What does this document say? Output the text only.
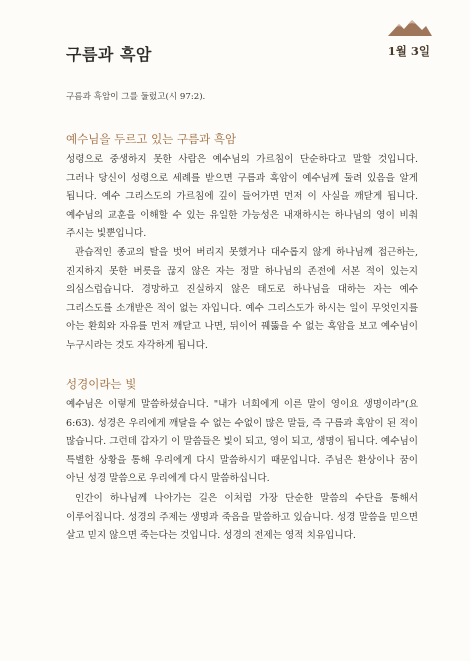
구름과 흑암	1월 3일
구름과 흑암이 그를 둘렀고(시 97:2).
예수님을 두르고 있는 구름과 흑암

성령으로 중생하지 못한 사람은 예수님의 가르침이 단순하다고 말할 것입니다. 그러나 당신이 성령으로 세례를 받으면 구름과 흑암이 예수님께 둘려 있음을 알게 됩니다. 예수 그리스도의 가르침에 깊이 들어가면 먼저 이 사실을 깨닫게 됩니다. 예수님의 교훈을 이해할 수 있는 유일한 가능성은 내재하시는 하나님의 영이 비춰 주시는 빛뿐입니다.

관습적인 종교의 탈을 벗어 버리지 못했거나 대수롭지 않게 하나님께 접근하는, 진지하지 못한 버릇을 끊지 않은 자는 정말 하나님의 존전에 서본 적이 있는지 의심스럽습니다. 경망하고 진실하지 않은 태도로 하나님을 대하는 자는 예수 그리스도를 소개받은 적이 없는 자입니다. 예수 그리스도가 하시는 일이 무엇인지를 아는 환희와 자유를 먼저 깨닫고 나면, 뒤이어 꿰뚫을 수 없는 흑암을 보고 예수님이 누구시라는 것도 자각하게 됩니다.

성경이라는 빛

예수님은 이렇게 말씀하셨습니다. "내가 너희에게 이른 말이 영이요 생명이라"(요 6:63). 성경은 우리에게 깨달을 수 없는 수없이 많은 말들, 즉 구름과 흑암이 된 적이 많습니다. 그런데 갑자기 이 말씀들은 빛이 되고, 영이 되고, 생명이 됩니다. 예수님이 특별한 상황을 통해 우리에게 다시 말씀하시기 때문입니다. 주님은 환상이나 꿈이 아닌 성경 말씀으로 우리에게 다시 말씀하십니다.

인간이 하나님께 나아가는 길은 이처럼 가장 단순한 말씀의 수단을 통해서 이루어집니다. 성경의 주제는 생명과 죽음을 말씀하고 있습니다. 성경 말씀을 믿으면 살고 믿지 않으면 죽는다는 것입니다. 성경의 전제는 영적 치유입니다.
